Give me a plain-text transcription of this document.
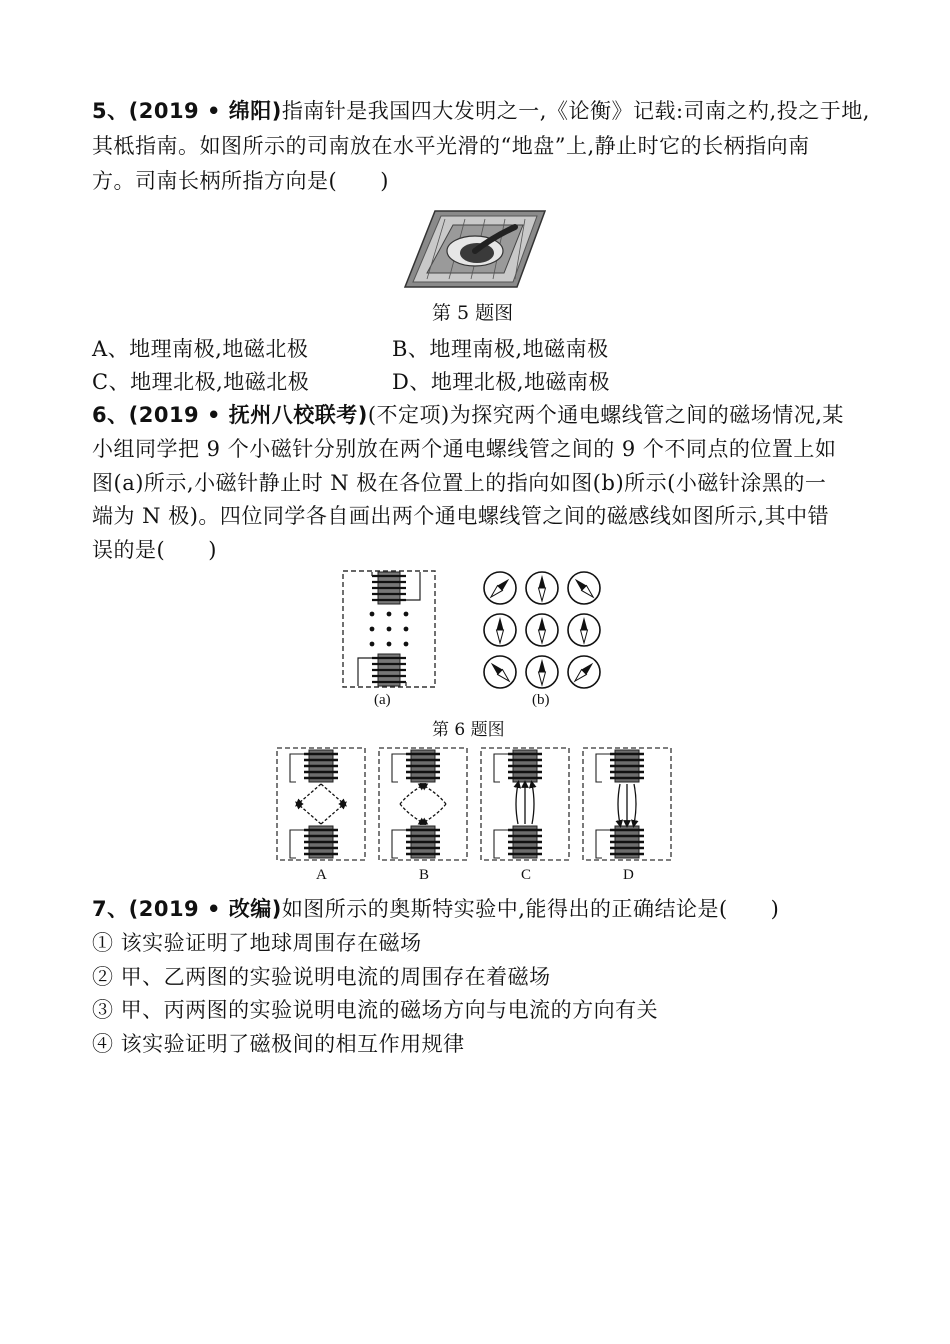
5、(2019 • 绵阳)指南针是我国四大发明之一,《论衡》记载:司南之杓,投之于地,
其柢指南。如图所示的司南放在水平光滑的“地盘”上,静止时它的长柄指向南
方。司南长柄所指方向是(　　)
第 5 题图
A、地理南极,地磁北极	B、地理南极,地磁南极
C、地理北极,地磁北极	D、地理北极,地磁南极
6、(2019 • 抚州八校联考)(不定项)为探究两个通电螺线管之间的磁场情况,某
小组同学把 9 个小磁针分别放在两个通电螺线管之间的 9 个不同点的位置上如
图(a)所示,小磁针静止时 N 极在各位置上的指向如图(b)所示(小磁针涂黑的一
端为 N 极)。四位同学各自画出两个通电螺线管之间的磁感线如图所示,其中错
误的是(　　)
(a)	(b)
第 6 题图
A	B	C	D
7、(2019 • 改编)如图所示的奥斯特实验中,能得出的正确结论是(　　)
① 该实验证明了地球周围存在磁场
② 甲、乙两图的实验说明电流的周围存在着磁场
③ 甲、丙两图的实验说明电流的磁场方向与电流的方向有关
④ 该实验证明了磁极间的相互作用规律
